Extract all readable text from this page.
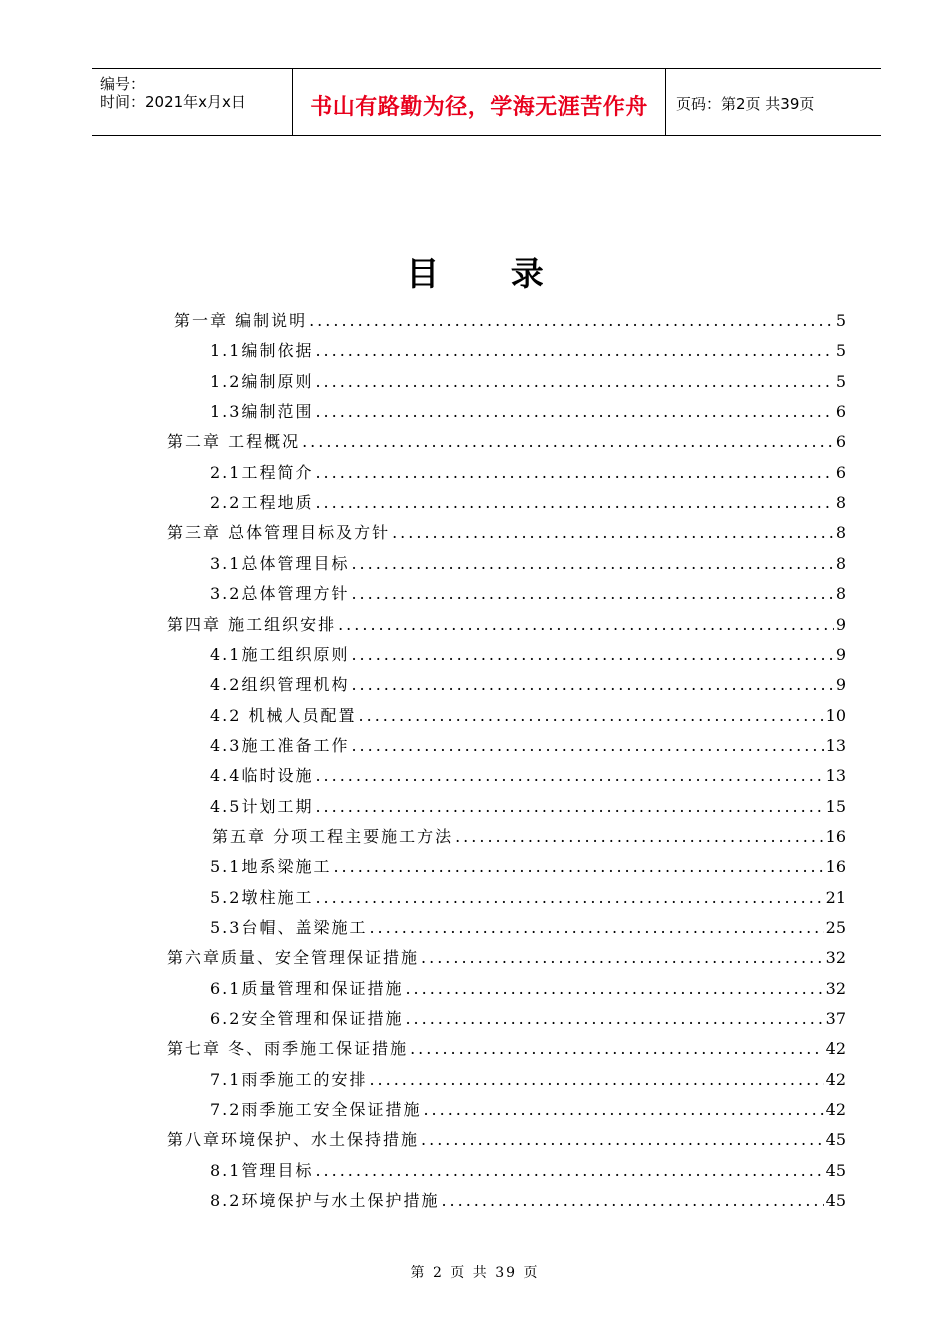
编号：
时间：2021年x月x日	书山有路勤为径，学海无涯苦作舟	页码：第2页 共39页
目 录
第一章 编制说明 .....	5
1.1编制依据 .....	5
1.2编制原则 .....	5
1.3编制范围 .....	6
第二章 工程概况 .....	6
2.1工程简介 .....	6
2.2工程地质 .....	8
第三章 总体管理目标及方针 .....	8
3.1总体管理目标 .....	8
3.2总体管理方针 .....	8
第四章 施工组织安排 .....	9
4.1施工组织原则 .....	9
4.2组织管理机构 .....	9
4.2 机械人员配置 .....	10
4.3施工准备工作 .....	13
4.4临时设施 .....	13
4.5计划工期 .....	15
第五章 分项工程主要施工方法 .....	16
5.1地系梁施工 .....	16
5.2墩柱施工 .....	21
5.3台帽、盖梁施工 .....	25
第六章质量、安全管理保证措施 .....	32
6.1质量管理和保证措施 .....	32
6.2安全管理和保证措施 .....	37
第七章 冬、雨季施工保证措施 .....	42
7.1雨季施工的安排 .....	42
7.2雨季施工安全保证措施 .....	42
第八章环境保护、水土保持措施 .....	45
8.1管理目标 .....	45
8.2环境保护与水土保护措施 .....	45
第 2 页 共 39 页
